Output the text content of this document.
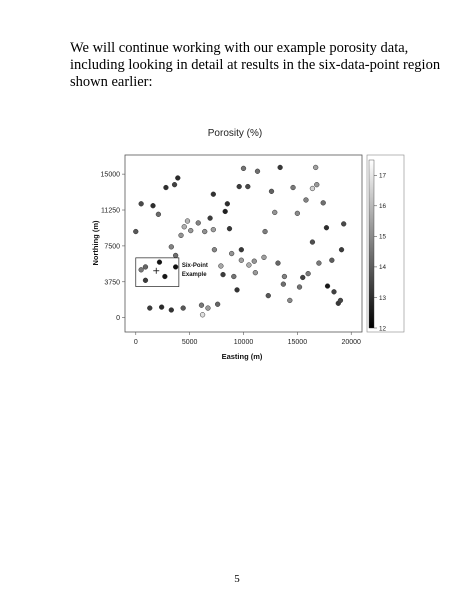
We will continue working with our example porosity data,
including looking in detail at results in the six-data-point region
shown earlier:
Porosity (%)
0
3750
7500
11250
15000
0	5000	10000	15000	20000
Northing (m)
Easting (m)
Six-Point
Example
12
13
14
15
16
17
5
